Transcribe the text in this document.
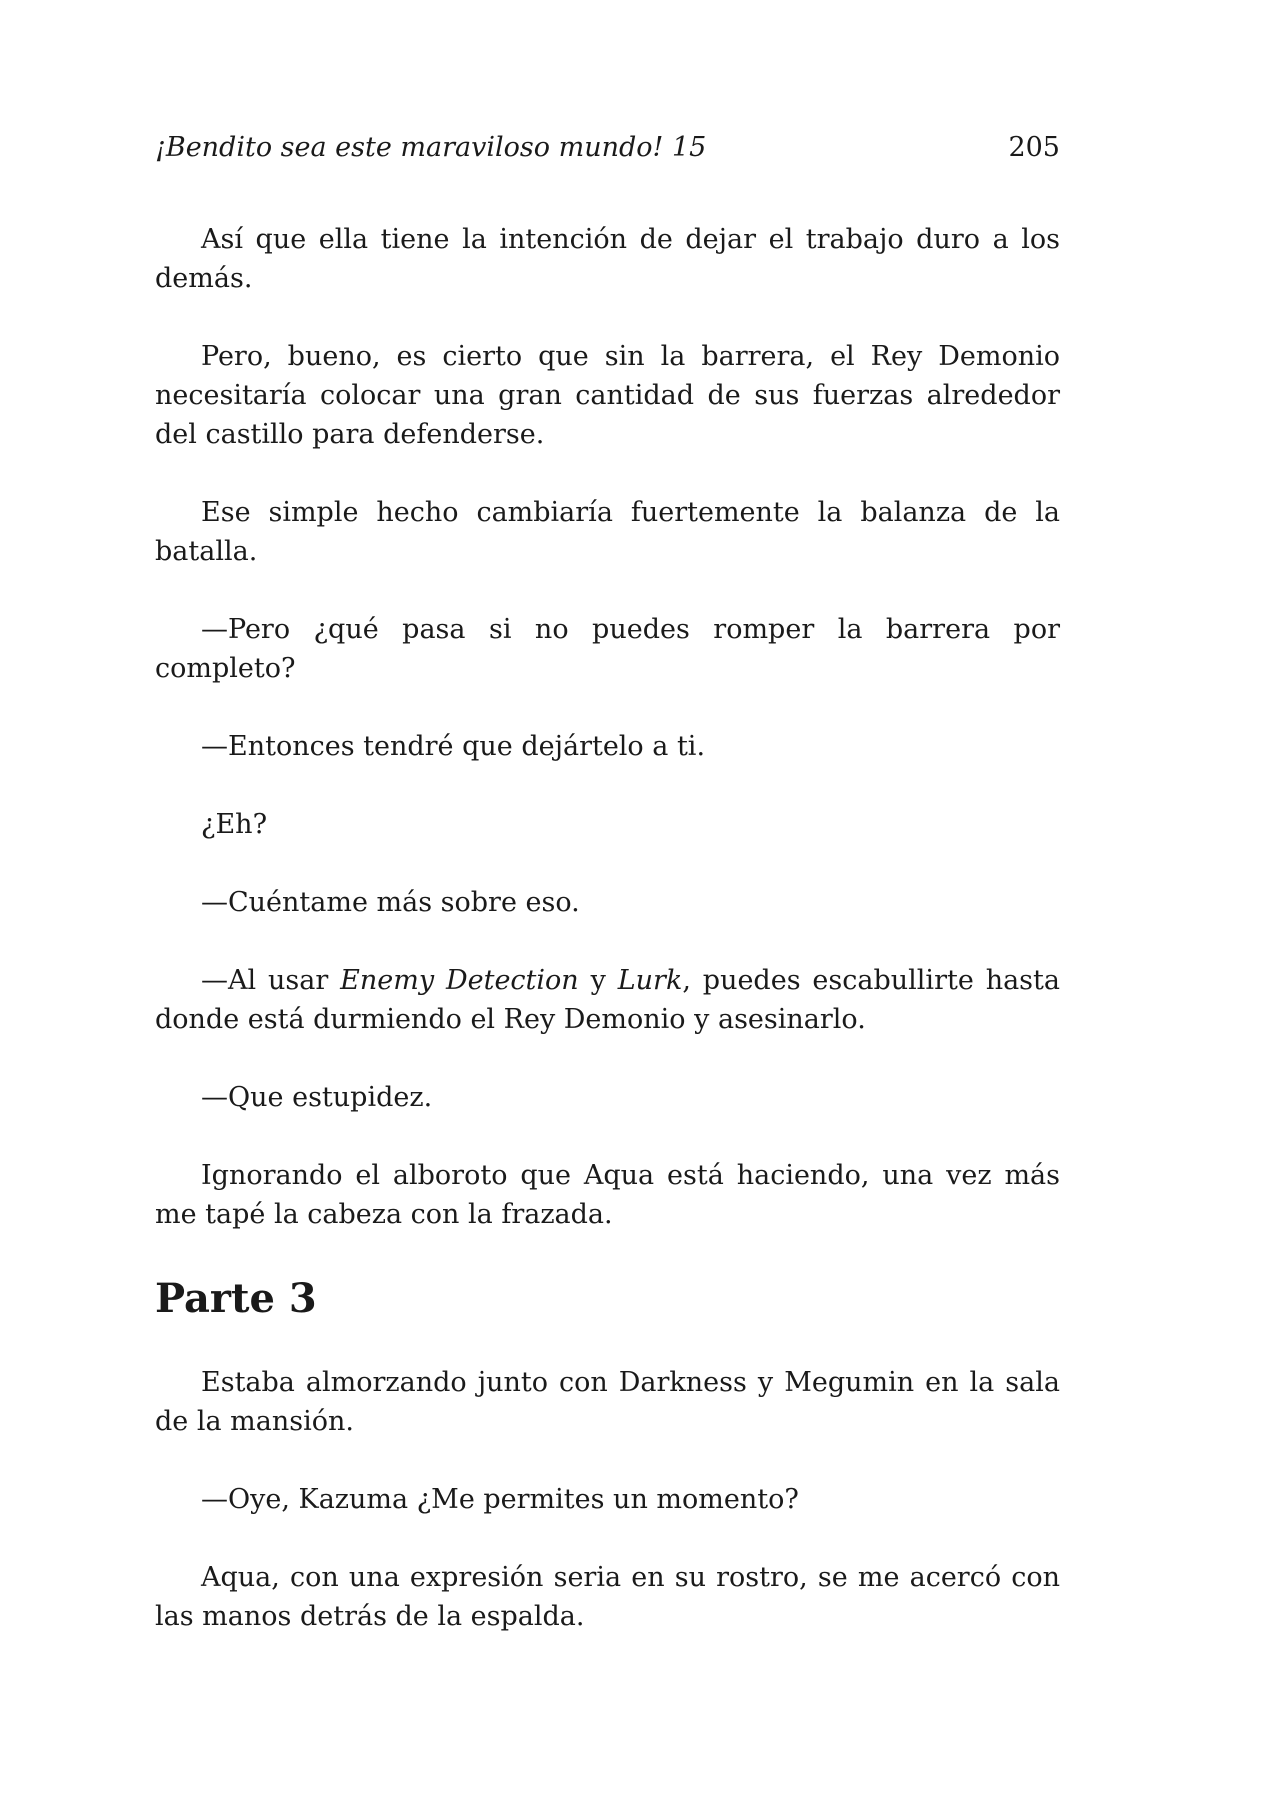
¡Bendito sea este maraviloso mundo! 15	205

Así que ella tiene la intención de dejar el trabajo duro a los demás.

Pero, bueno, es cierto que sin la barrera, el Rey Demonio necesitaría colocar una gran cantidad de sus fuerzas alrededor del castillo para defenderse.

Ese simple hecho cambiaría fuertemente la balanza de la batalla.

—Pero ¿qué pasa si no puedes romper la barrera por completo?

—Entonces tendré que dejártelo a ti.

¿Eh?

—Cuéntame más sobre eso.

—Al usar Enemy Detection y Lurk, puedes escabullirte hasta donde está durmiendo el Rey Demonio y asesinarlo.

—Que estupidez.

Ignorando el alboroto que Aqua está haciendo, una vez más me tapé la cabeza con la frazada.

Parte 3

Estaba almorzando junto con Darkness y Megumin en la sala de la mansión.

—Oye, Kazuma ¿Me permites un momento?

Aqua, con una expresión seria en su rostro, se me acercó con las manos detrás de la espalda.
